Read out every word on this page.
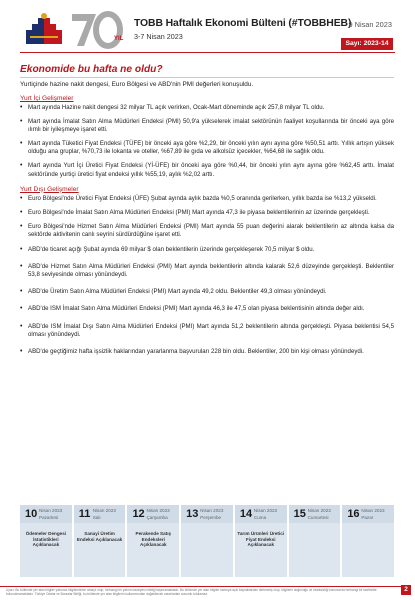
YIL
TOBB Haftalık Ekonomi Bülteni (#TOBBHEB)
3-7 Nisan 2023
9 Nisan 2023
Sayı: 2023-14
Ekonomide bu hafta ne oldu?
Yurtiçinde hazine nakit dengesi, Euro Bölgesi ve ABD'nin PMI değerleri konuşuldu.
Yurt İçi Gelişmeler
• Mart ayında Hazine nakit dengesi 32 milyar TL açık verirken, Ocak-Mart döneminde açık 257,8 milyar TL oldu.
• Mart ayında İmalat Satın Alma Müdürleri Endeksi (PMI) 50,9'a yükselerek imalat sektörünün faaliyet koşullarında bir önceki aya göre ılımlı bir iyileşmeye işaret etti.
• Mart ayında Tüketici Fiyat Endeksi (TÜFE) bir önceki aya göre %2,29, bir önceki yılın aynı ayına göre %50,51 arttı. Yıllık artışın yüksek olduğu ana gruplar, %70,73 ile lokanta ve oteller, %67,89 ile gıda ve alkolsüz içecekler, %64,68 ile sağlık oldu.
• Mart ayında Yurt İçi Üretici Fiyat Endeksi (Yİ-ÜFE) bir önceki aya göre %0,44, bir önceki yılın aynı ayına göre %62,45 arttı. İmalat sektöründe yurtiçi üretici fiyat endeksi yıllık %55,19, aylık %2,02 arttı.
Yurt Dışı Gelişmeler
• Euro Bölgesi'nde Üretici Fiyat Endeksi (ÜFE) Şubat ayında aylık bazda %0,5 oranında gerilerken, yıllık bazda ise %13,2 yükseldi.
• Euro Bölgesi'nde İmalat Satın Alma Müdürleri Endeksi (PMI) Mart ayında 47,3 ile piyasa beklentilerinin az üzerinde gerçekleşti.
• Euro Bölgesi'nde Hizmet Satın Alma Müdürleri Endeksi (PMI) Mart ayında 55 puan değerini alarak beklentilerin az altında kalsa da sektörde aktivitenin canlı seyrini sürdürdüğüne işaret etti.
• ABD'de ticaret açığı Şubat ayında 69 milyar $ olan beklentilerin üzerinde gerçekleşerek 70,5 milyar $ oldu.
• ABD'de Hizmet Satın Alma Müdürleri Endeksi (PMI) Mart ayında beklentilerin altında kalarak 52,6 düzeyinde gerçekleşti. Beklentiler 53,8 seviyesinde olması yönündeydi.
• ABD'de Üretim Satın Alma Müdürleri Endeksi (PMI) Mart ayında 49,2 oldu. Beklentiler 49,3 olması yönündeydi.
• ABD'de ISM İmalat Satın Alma Müdürleri Endeksi (PMI) Mart ayında 46,3 ile 47,5 olan piyasa beklentisinin altında değer aldı.
• ABD'de ISM İmalat Dışı Satın Alma Müdürleri Endeksi (PMI) Mart ayında 51,2 beklentilerin altında gerçekleşti. Piyasa beklentisi 54,5 olması yönündeydi.
• ABD'de geçtiğimiz hafta işsizlik haklarından yararlanma başvuruları 228 bin oldu. Beklentiler, 200 bin kişi olması yönündeydi.
10 Nisan 2023
Pazartesi
Ödemeler Dengesi İstatistikleri Açıklanacak
11 Nisan 2023
Salı
Sanayi Üretim Endeksi Açıklanacak
12 Nisan 2023
Çarşamba
Perakende Satış Endeksleri Açıklanacak
13 Nisan 2023
Perşembe 14 Nisan 2023
Cuma
Tarım Ürünleri Üretici Fiyat Endeksi Açıklanacak
15 Nisan 2023
Cumartesi 16 Nisan 2023
Pazar
Uyarı: Bu bültende yer alan bilgiler yalnızca bilgilendirme amaçlı olup, herhangi bir yatırım tavsiyesi niteliği taşımamaktadır. Bu bültende yer alan bilgiler kamuya açık kaynaklardan derlenmiş olup, bilgilerin doğruluğu ve eksiksizliği konusunda herhangi bir taahhütte bulunulmamaktadır. Türkiye Odalar ve Borsalar Birliği, bu bültende yer alan bilgilerin kullanımından doğabilecek zararlardan sorumlu tutulamaz.
2
